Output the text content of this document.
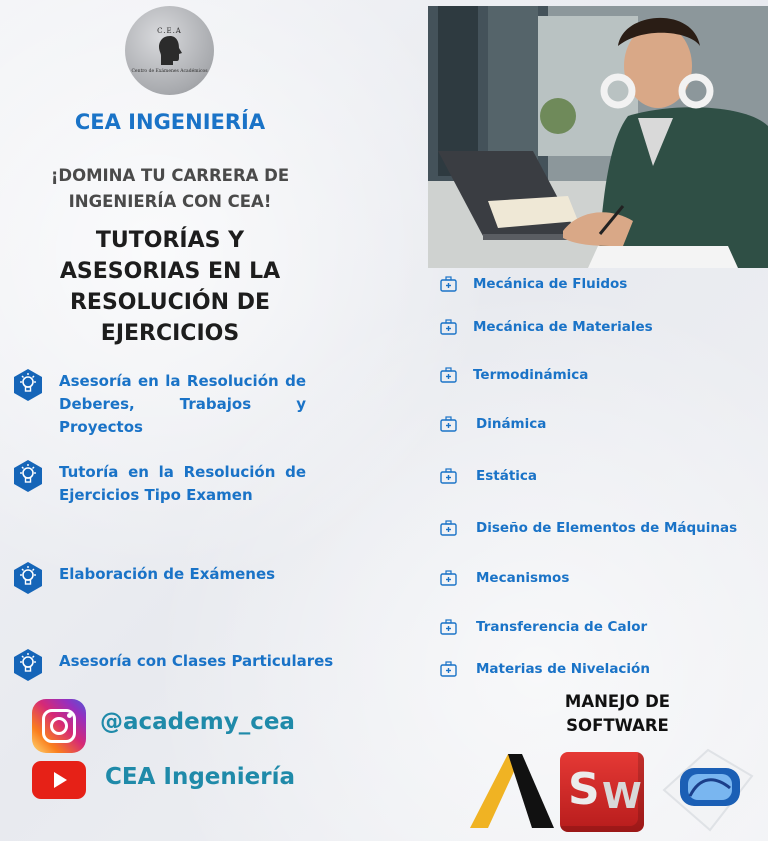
C.E.A
Centro de Exámenes Académicos
CEA INGENIERÍA
¡DOMINA TU CARRERA DE
INGENIERÍA CON CEA!
TUTORÍAS Y
ASESORIAS EN LA
RESOLUCIÓN DE
EJERCICIOS
Asesoría en la Resolución de Deberes, Trabajos y Proyectos
Tutoría en la Resolución de Ejercicios Tipo Examen
Elaboración de Exámenes
Asesoría con Clases Particulares
Mecánica de Fluidos
Mecánica de Materiales
Termodinámica
Dinámica
Estática
Diseño de Elementos de Máquinas
Mecanismos
Transferencia de Calor
Materias de Nivelación
MANEJO DE
SOFTWARE
S W
@academy_cea
CEA Ingeniería
